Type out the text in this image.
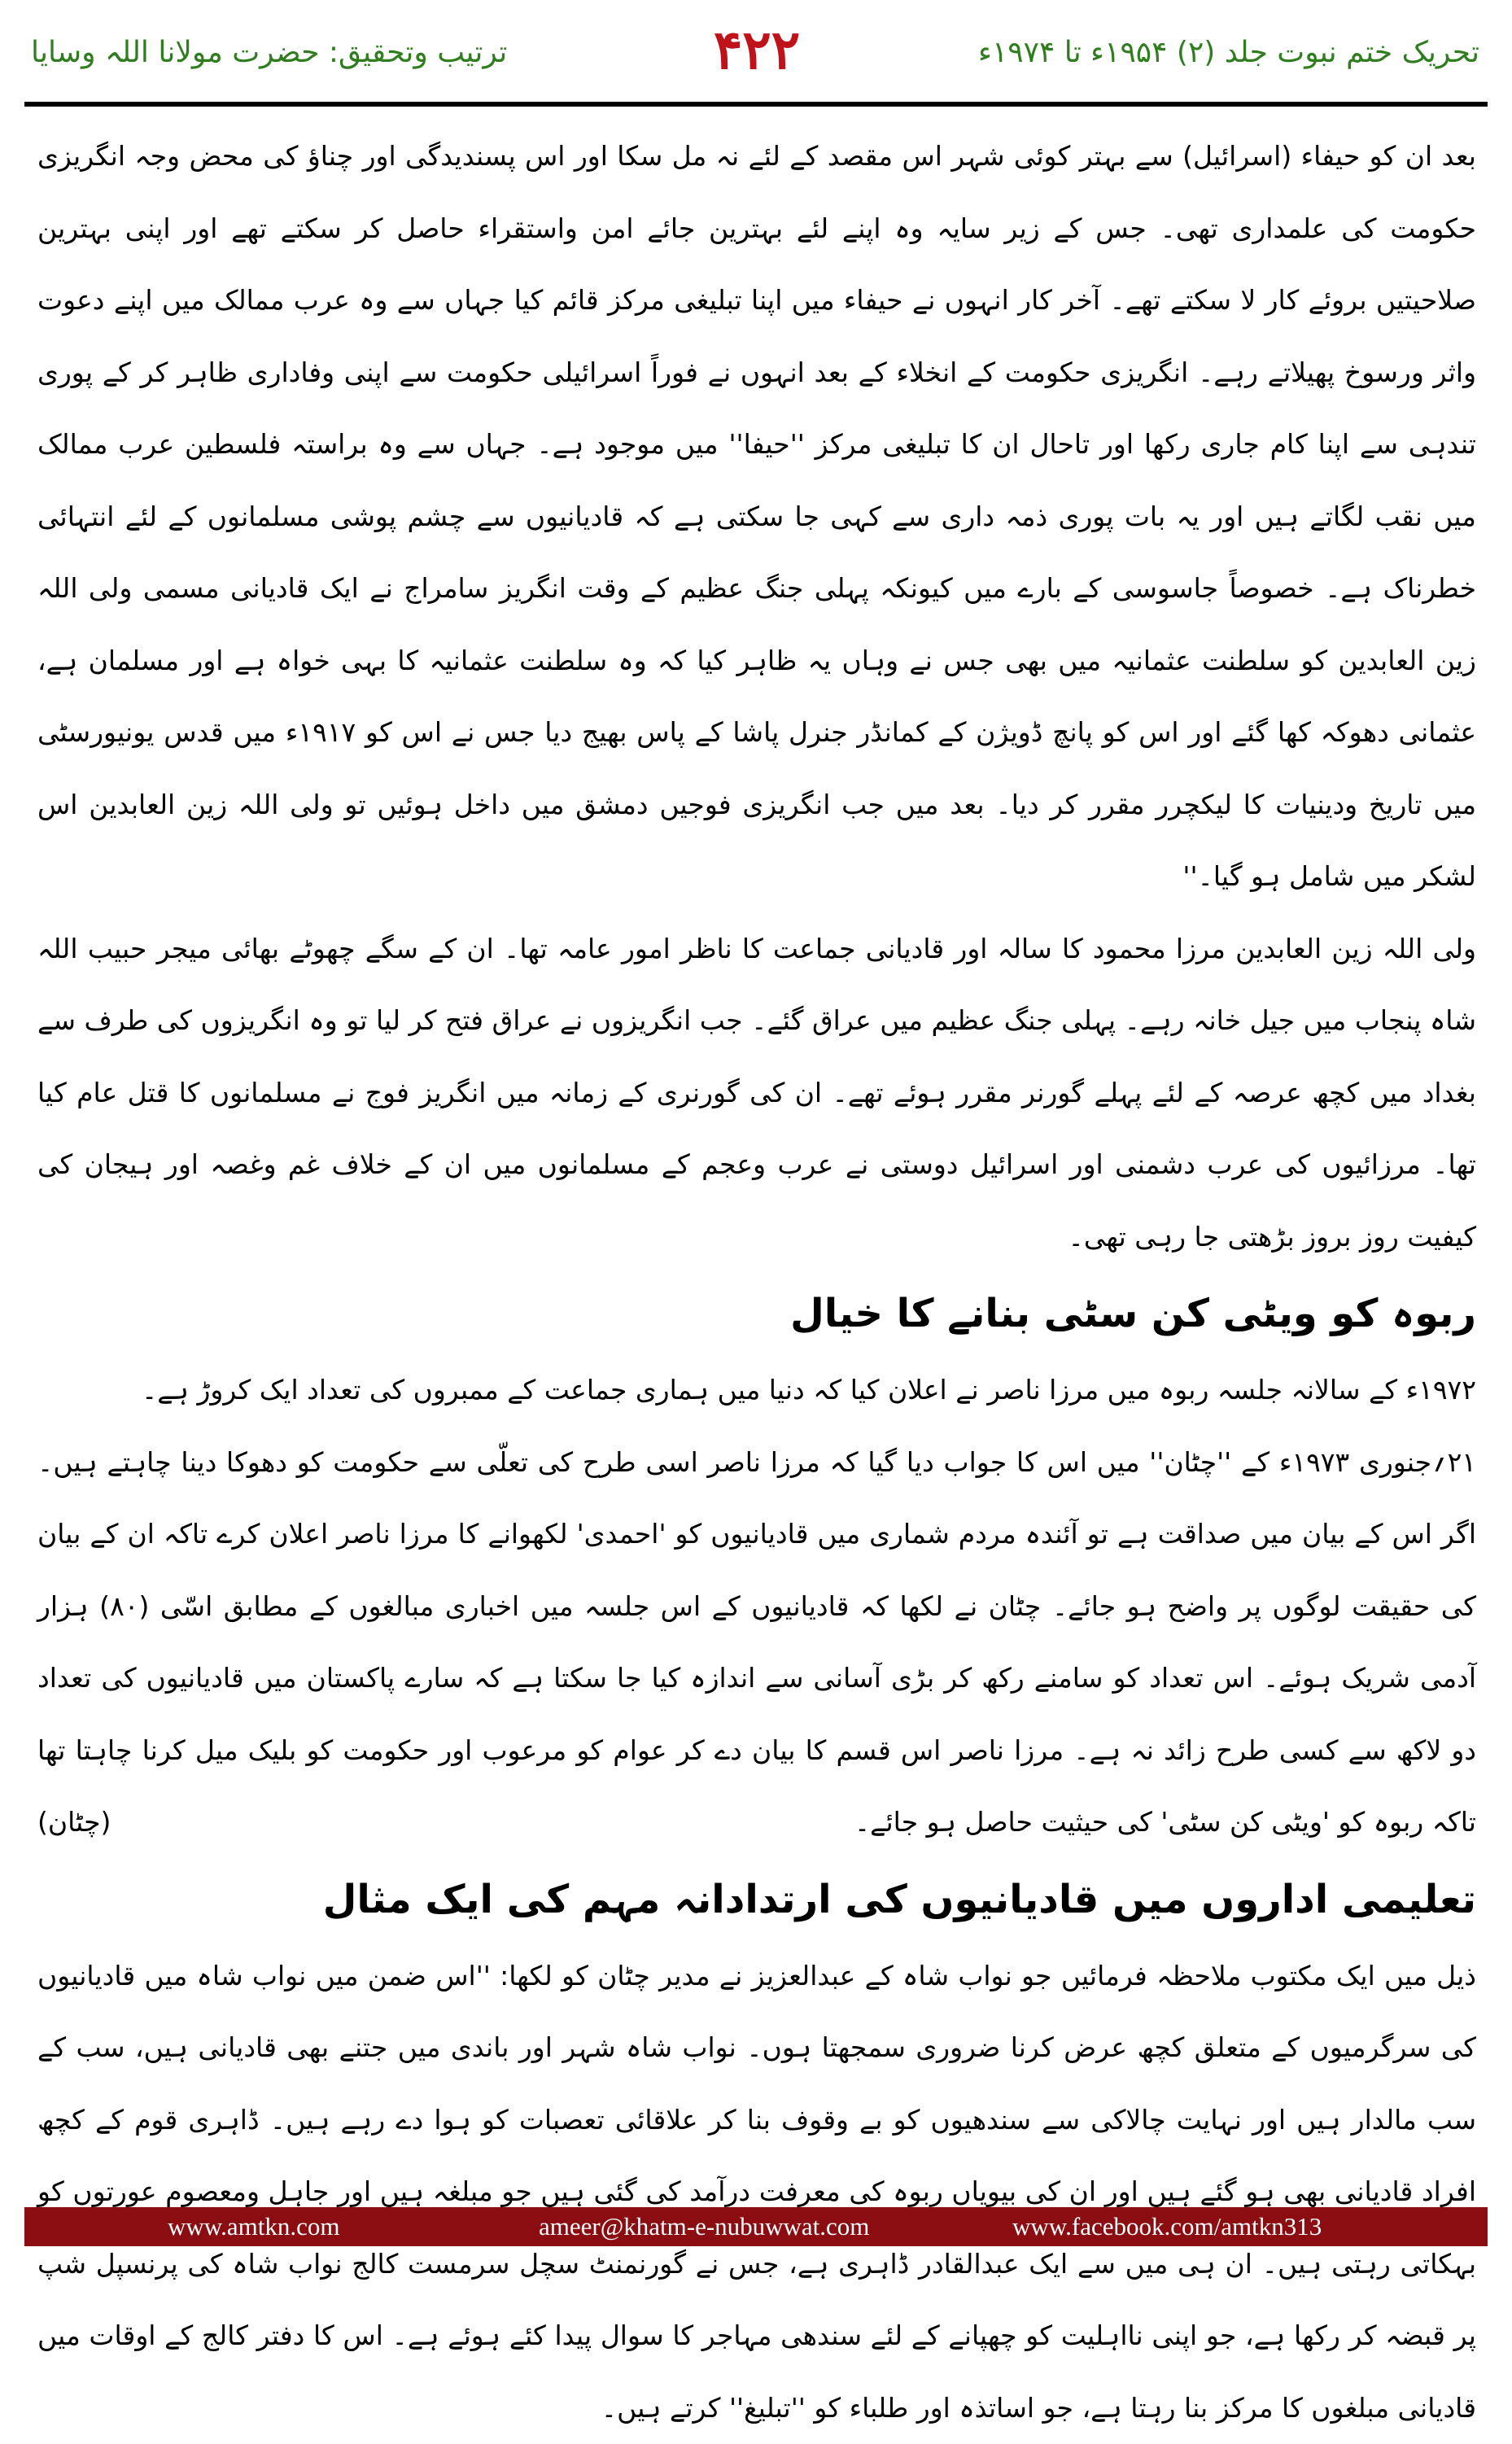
ترتیب وتحقیق: حضرت مولانا اللہ وسایا	۴۲۲	تحریک ختم نبوت جلد (۲) ۱۹۵۴ء تا ۱۹۷۴ء

بعد ان کو حیفاء (اسرائیل) سے بہتر کوئی شہر اس مقصد کے لئے نہ مل سکا اور اس پسندیدگی اور چناؤ کی محض وجہ انگریزی حکومت کی علمداری تھی۔ جس کے زیر سایہ وہ اپنے لئے بہترین جائے امن واستقراء حاصل کر سکتے تھے اور اپنی بہترین صلاحیتیں بروئے کار لا سکتے تھے۔ آخر کار انہوں نے حیفاء میں اپنا تبلیغی مرکز قائم کیا جہاں سے وہ عرب ممالک میں اپنے دعوت واثر ورسوخ پھیلاتے رہے۔ انگریزی حکومت کے انخلاء کے بعد انہوں نے فوراً اسرائیلی حکومت سے اپنی وفاداری ظاہر کر کے پوری تندہی سے اپنا کام جاری رکھا اور تاحال ان کا تبلیغی مرکز ''حیفا'' میں موجود ہے۔ جہاں سے وہ براستہ فلسطین عرب ممالک میں نقب لگاتے ہیں اور یہ بات پوری ذمہ داری سے کہی جا سکتی ہے کہ قادیانیوں سے چشم پوشی مسلمانوں کے لئے انتہائی خطرناک ہے۔ خصوصاً جاسوسی کے بارے میں کیونکہ پہلی جنگ عظیم کے وقت انگریز سامراج نے ایک قادیانی مسمی ولی اللہ زین العابدین کو سلطنت عثمانیہ میں بھی جس نے وہاں یہ ظاہر کیا کہ وہ سلطنت عثمانیہ کا بہی خواہ ہے اور مسلمان ہے، عثمانی دھوکہ کھا گئے اور اس کو پانچ ڈویژن کے کمانڈر جنرل پاشا کے پاس بھیج دیا جس نے اس کو ۱۹۱۷ء میں قدس یونیورسٹی میں تاریخ ودینیات کا لیکچرر مقرر کر دیا۔ بعد میں جب انگریزی فوجیں دمشق میں داخل ہوئیں تو ولی اللہ زین العابدین اس لشکر میں شامل ہو گیا۔''

ولی اللہ زین العابدین مرزا محمود کا سالہ اور قادیانی جماعت کا ناظر امور عامہ تھا۔ ان کے سگے چھوٹے بھائی میجر حبیب اللہ شاہ پنجاب میں جیل خانہ رہے۔ پہلی جنگ عظیم میں عراق گئے۔ جب انگریزوں نے عراق فتح کر لیا تو وہ انگریزوں کی طرف سے بغداد میں کچھ عرصہ کے لئے پہلے گورنر مقرر ہوئے تھے۔ ان کی گورنری کے زمانہ میں انگریز فوج نے مسلمانوں کا قتل عام کیا تھا۔ مرزائیوں کی عرب دشمنی اور اسرائیل دوستی نے عرب وعجم کے مسلمانوں میں ان کے خلاف غم وغصہ اور ہیجان کی کیفیت روز بروز بڑھتی جا رہی تھی۔

ربوہ کو ویٹی کن سٹی بنانے کا خیال

۱۹۷۲ء کے سالانہ جلسہ ربوہ میں مرزا ناصر نے اعلان کیا کہ دنیا میں ہماری جماعت کے ممبروں کی تعداد ایک کروڑ ہے۔

۲۱؍جنوری ۱۹۷۳ء کے ''چٹان'' میں اس کا جواب دیا گیا کہ مرزا ناصر اسی طرح کی تعلّی سے حکومت کو دھوکا دینا چاہتے ہیں۔ اگر اس کے بیان میں صداقت ہے تو آئندہ مردم شماری میں قادیانیوں کو 'احمدی' لکھوانے کا مرزا ناصر اعلان کرے تاکہ ان کے بیان کی حقیقت لوگوں پر واضح ہو جائے۔ چٹان نے لکھا کہ قادیانیوں کے اس جلسہ میں اخباری مبالغوں کے مطابق اسّی (۸۰) ہزار آدمی شریک ہوئے۔ اس تعداد کو سامنے رکھ کر بڑی آسانی سے اندازہ کیا جا سکتا ہے کہ سارے پاکستان میں قادیانیوں کی تعداد دو لاکھ سے کسی طرح زائد نہ ہے۔ مرزا ناصر اس قسم کا بیان دے کر عوام کو مرعوب اور حکومت کو بلیک میل کرنا چاہتا تھا تاکہ ربوہ کو 'ویٹی کن سٹی' کی حیثیت حاصل ہو جائے۔
(چٹان)

تعلیمی اداروں میں قادیانیوں کی ارتدادانہ مہم کی ایک مثال

ذیل میں ایک مکتوب ملاحظہ فرمائیں جو نواب شاہ کے عبدالعزیز نے مدیر چٹان کو لکھا: ''اس ضمن میں نواب شاہ میں قادیانیوں کی سرگرمیوں کے متعلق کچھ عرض کرنا ضروری سمجھتا ہوں۔ نواب شاہ شہر اور باندی میں جتنے بھی قادیانی ہیں، سب کے سب مالدار ہیں اور نہایت چالاکی سے سندھیوں کو بے وقوف بنا کر علاقائی تعصبات کو ہوا دے رہے ہیں۔ ڈاہری قوم کے کچھ افراد قادیانی بھی ہو گئے ہیں اور ان کی بیویاں ربوہ کی معرفت درآمد کی گئی ہیں جو مبلغہ ہیں اور جاہل ومعصوم عورتوں کو بہکاتی رہتی ہیں۔ ان ہی میں سے ایک عبدالقادر ڈاہری ہے، جس نے گورنمنٹ سچل سرمست کالج نواب شاہ کی پرنسپل شپ پر قبضہ کر رکھا ہے، جو اپنی نااہلیت کو چھپانے کے لئے سندھی مہاجر کا سوال پیدا کئے ہوئے ہے۔ اس کا دفتر کالج کے اوقات میں قادیانی مبلغوں کا مرکز بنا رہتا ہے، جو اساتذہ اور طلباء کو ''تبلیغ'' کرتے ہیں۔

www.amtkn.com	ameer@khatm-e-nubuwwat.com	www.facebook.com/amtkn313
